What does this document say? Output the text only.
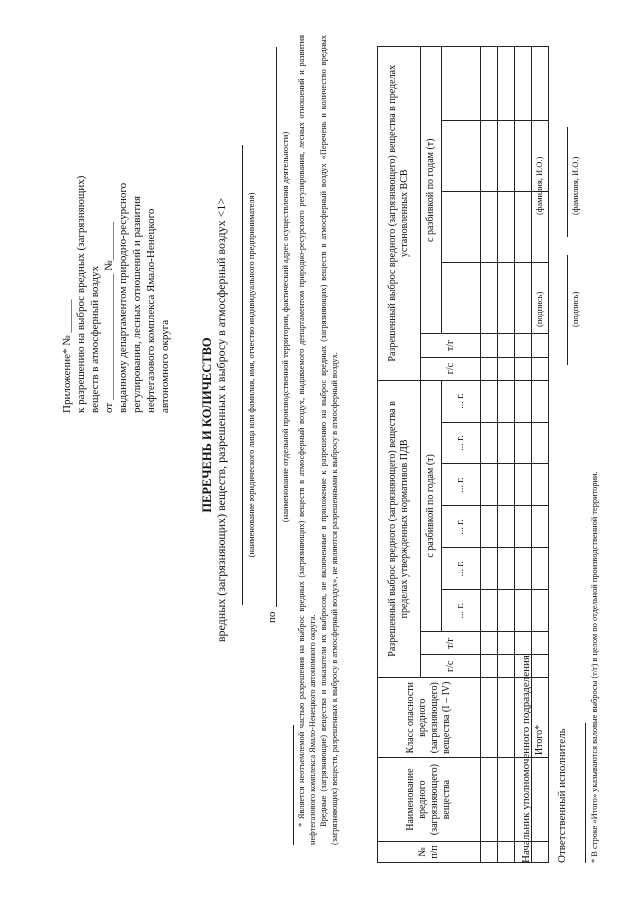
Приложение* № ______ к разрешению на выброс вредных (загрязняющих) веществ в атмосферный воздух от _______________________ №_______ выданному департаментом природно-ресурсного регулирования, лесных отношений и развития нефтегазового комплекса Ямало-Ненецкого автономного округа ПЕРЕЧЕНЬ И КОЛИЧЕСТВО вредных (загрязняющих) веществ, разрешенных к выбросу в атмосферный воздух <1> (наименование юридического лица или фамилия, имя, отчество индивидуального предпринимателя)
по
(наименование отдельной производственной территории, фактический адрес осуществления деятельности) * Является неотъемлемой частью разрешения на выброс вредных (загрязняющих) веществ в атмосферный воздух, выдаваемого департаментом природно-ресурсного регулирования, лесных отношений и развития нефтегазового комплекса Ямало-Ненецкого автономного округа. Вредные (загрязняющие) вещества и показатели их выбросов, не включенные в приложение к разрешению на выброс вредных (загрязняющих) веществ в атмосферный воздух «Перечень и количество вредных (загрязняющих) веществ, разрешенных к выбросу в атмосферный воздух», не являются разрешенными к выбросу в атмосферный воздух.

№ п/п	Наименование вредного (загрязняющего) вещества	Класс опасности вредного (загрязняющего) вещества (I – IV)	Разрешенный выброс вредного (загрязняющего) вещества в пределах утвержденных нормативов ПДВ								Разрешенный выброс вредного (загрязняющего) вещества в пределах установленных ВСВ					
			г/с	т/г	с разбивкой по годам (т)						г/с	т/г	с разбивкой по годам (т)			
					... г.	... г.	... г.	... г.	... г.	... г.						

		Итого*														
Начальник уполномоченного подразделения
(подпись)
(фамилия, И.О.)
Ответственный исполнитель
(подпись)
(фамилия, И.О.)
* В строке «Итого» указываются валовые выбросы (т/г) в целом по отдельной производственной территории.
